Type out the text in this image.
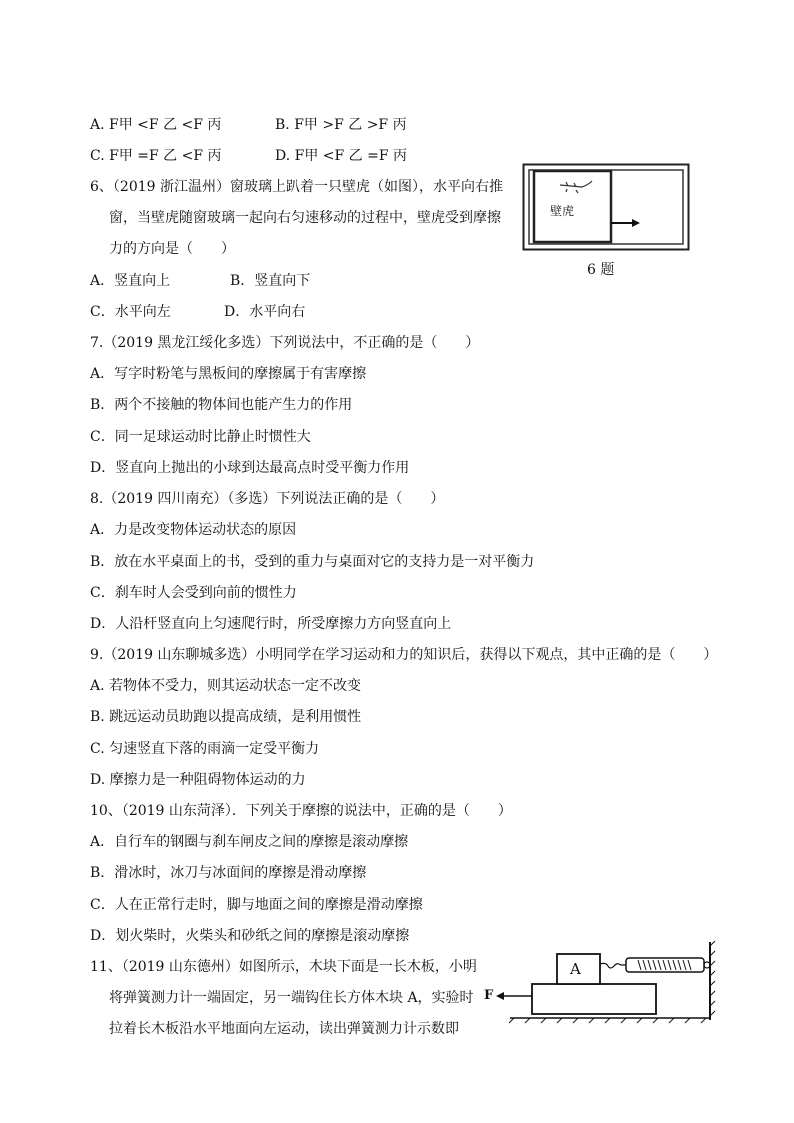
A. F甲 <F 乙 <F 丙	B. F甲 >F 乙 >F 丙
C. F甲 =F 乙 <F 丙	D. F甲 <F 乙 =F 丙
6、（2019 浙江温州）窗玻璃上趴着一只壁虎（如图），水平向右推
窗，当壁虎随窗玻璃一起向右匀速移动的过程中，壁虎受到摩擦
力的方向是（　　）
A．竖直向上	B．竖直向下
C．水平向左	D．水平向右
壁虎
6 题
7.（2019 黑龙江绥化多选）下列说法中，不正确的是（　　）
A．写字时粉笔与黑板间的摩擦属于有害摩擦
B．两个不接触的物体间也能产生力的作用
C．同一足球运动时比静止时惯性大
D．竖直向上抛出的小球到达最高点时受平衡力作用
8.（2019 四川南充）（多选）下列说法正确的是（　　）
A．力是改变物体运动状态的原因
B．放在水平桌面上的书，受到的重力与桌面对它的支持力是一对平衡力
C．刹车时人会受到向前的惯性力
D．人沿杆竖直向上匀速爬行时，所受摩擦力方向竖直向上
9.（2019 山东聊城多选）小明同学在学习运动和力的知识后，获得以下观点，其中正确的是（　　）
A. 若物体不受力，则其运动状态一定不改变
B. 跳远运动员助跑以提高成绩，是利用惯性
C. 匀速竖直下落的雨滴一定受平衡力
D. 摩擦力是一种阻碍物体运动的力
10、（2019 山东菏泽）．下列关于摩擦的说法中，正确的是（　　）
A．自行车的钢圈与刹车闸皮之间的摩擦是滚动摩擦
B．滑冰时，冰刀与冰面间的摩擦是滑动摩擦
C．人在正常行走时，脚与地面之间的摩擦是滑动摩擦
D．划火柴时，火柴头和砂纸之间的摩擦是滚动摩擦
11、（2019 山东德州）如图所示，木块下面是一长木板，小明
将弹簧测力计一端固定，另一端钩住长方体木块 A，实验时
拉着长木板沿水平地面向左运动，读出弹簧测力计示数即
A
F
